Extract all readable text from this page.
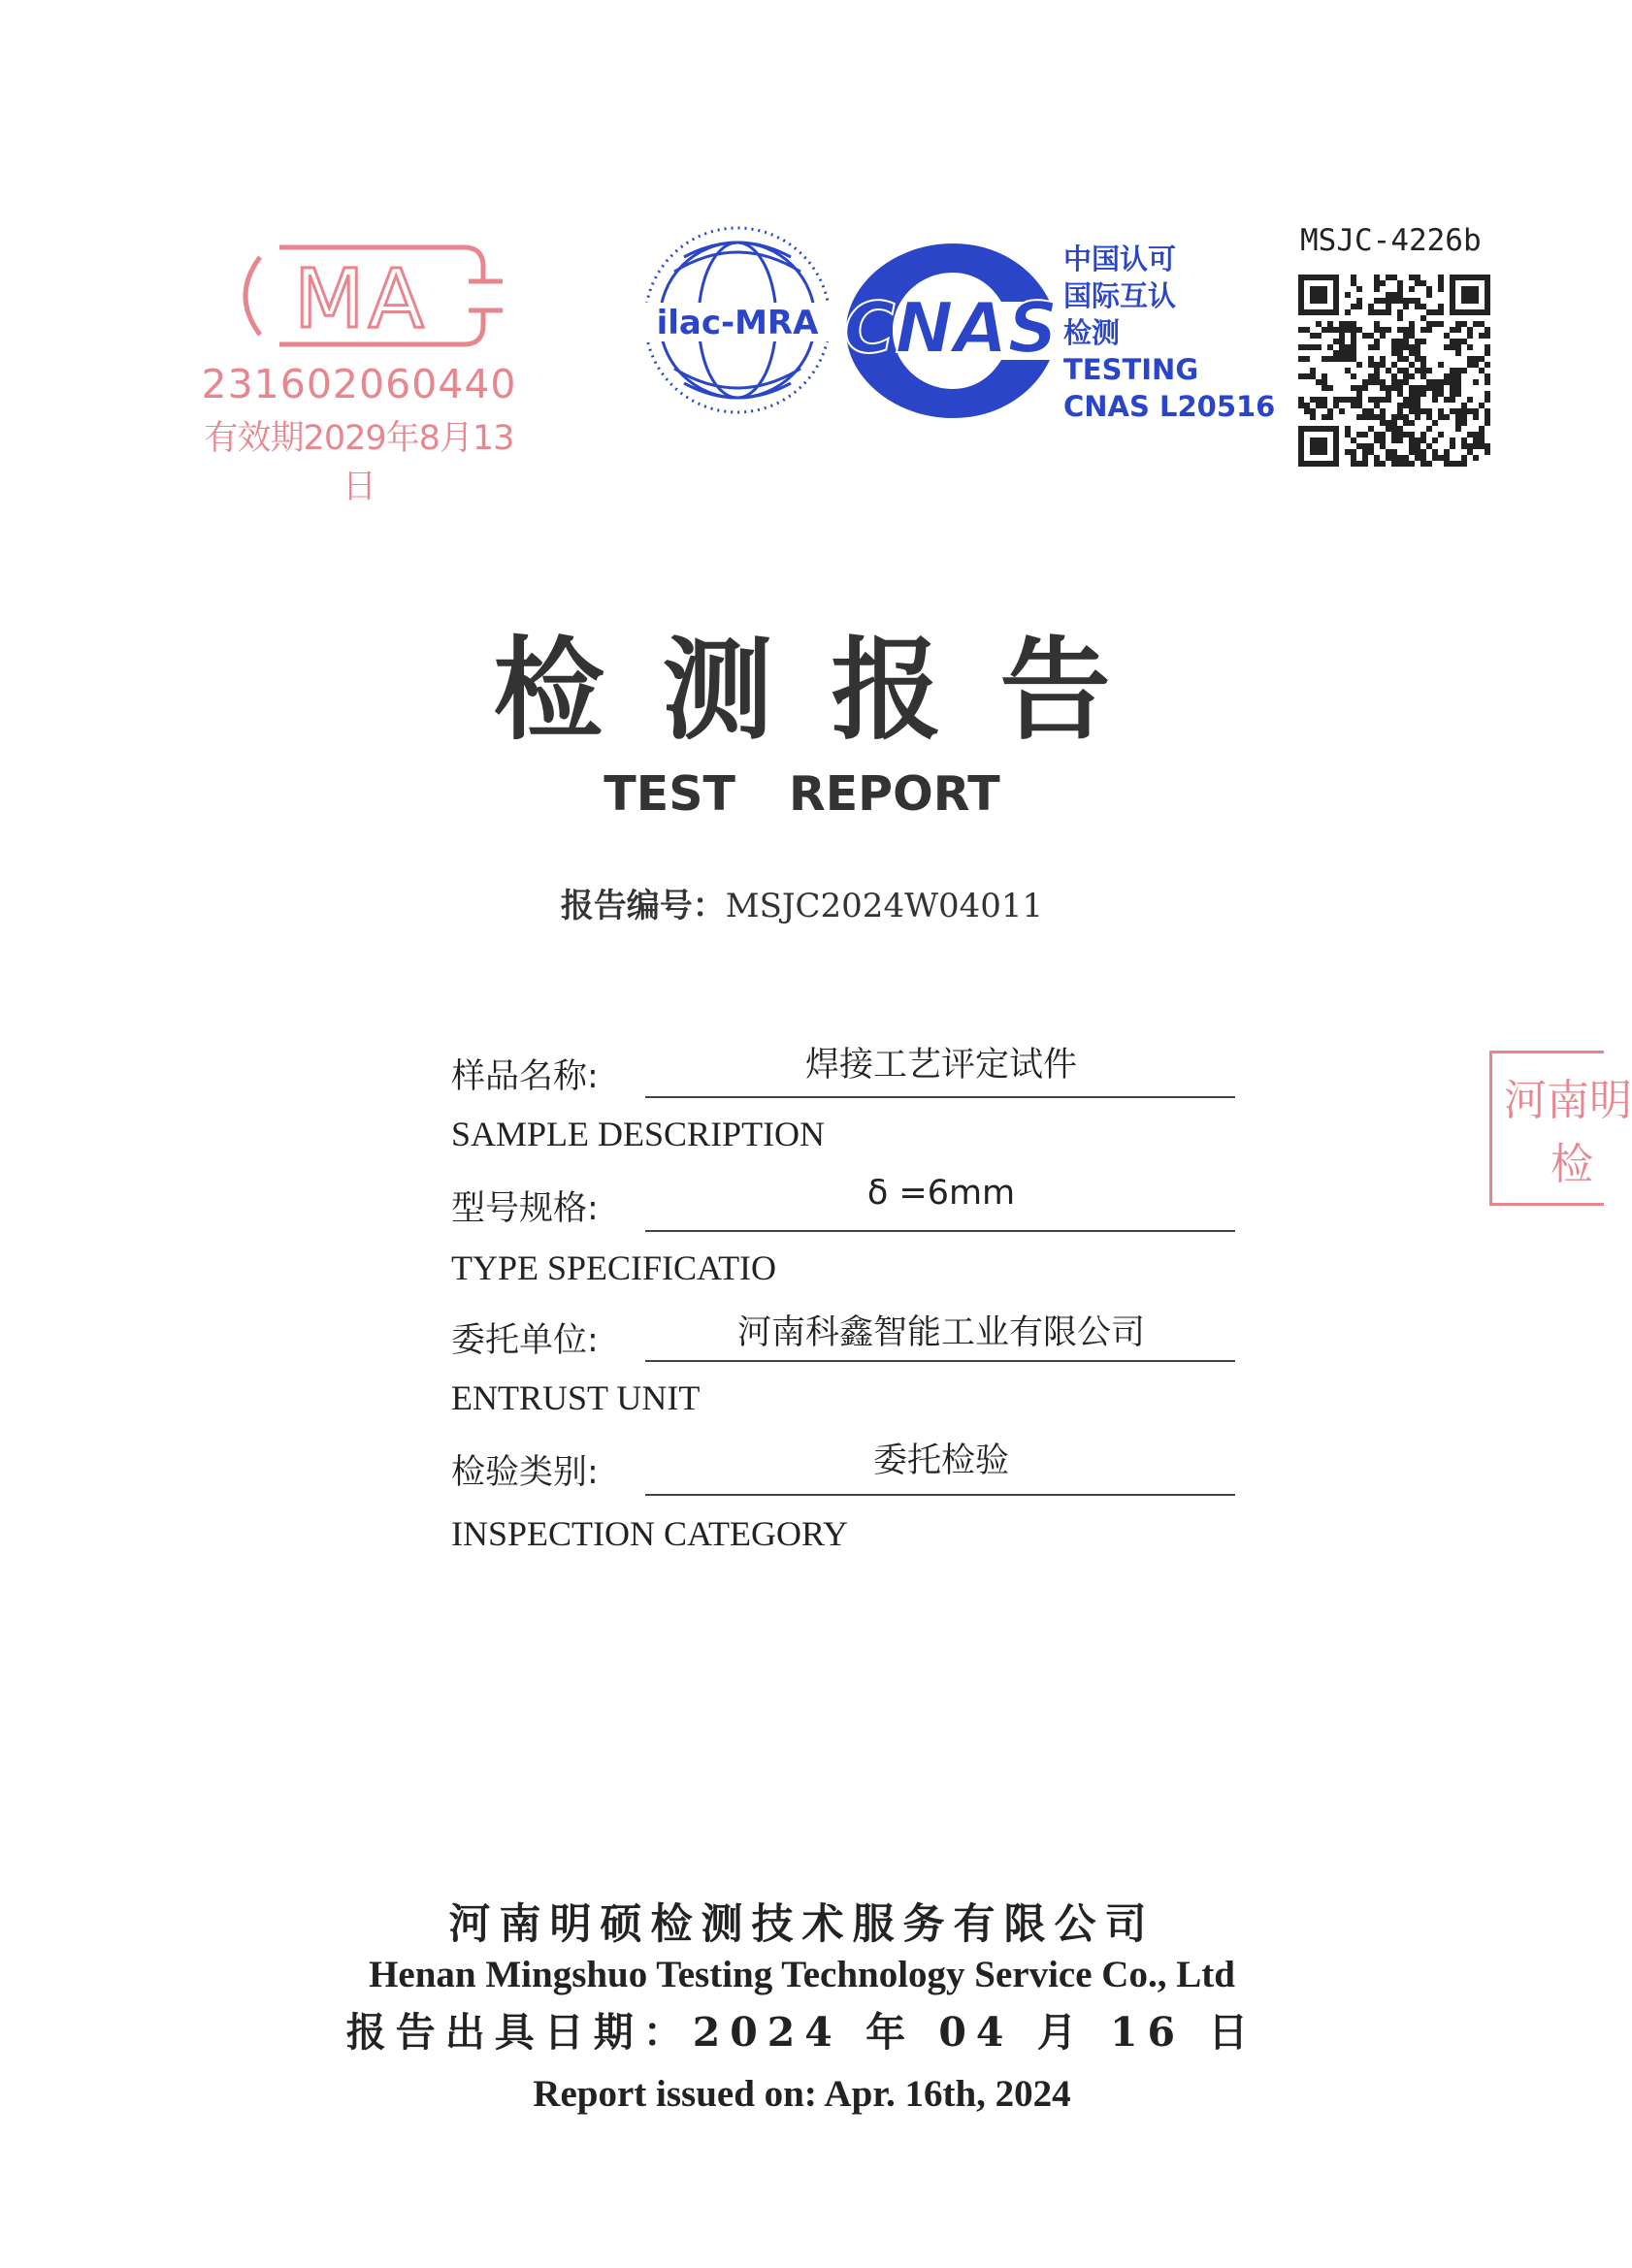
MA
231602060440
有效期2029年8月13日
ilac-MRA CNAS
中国认可
国际互认
检测
TESTING
CNAS L20516
MSJC-4226b
检测报告
TEST REPORT
报告编号：MSJC2024W04011
样品名称:	焊接工艺评定试件
SAMPLE DESCRIPTION
型号规格:	δ =6mm
TYPE SPECIFICATIO
委托单位:	河南科鑫智能工业有限公司
ENTRUST UNIT
检验类别:	委托检验
INSPECTION CATEGORY
河南明
检
河南明硕检测技术服务有限公司
Henan Mingshuo Testing Technology Service Co., Ltd
报告出具日期：2024 年 04 月 16 日
Report issued on: Apr. 16th, 2024
